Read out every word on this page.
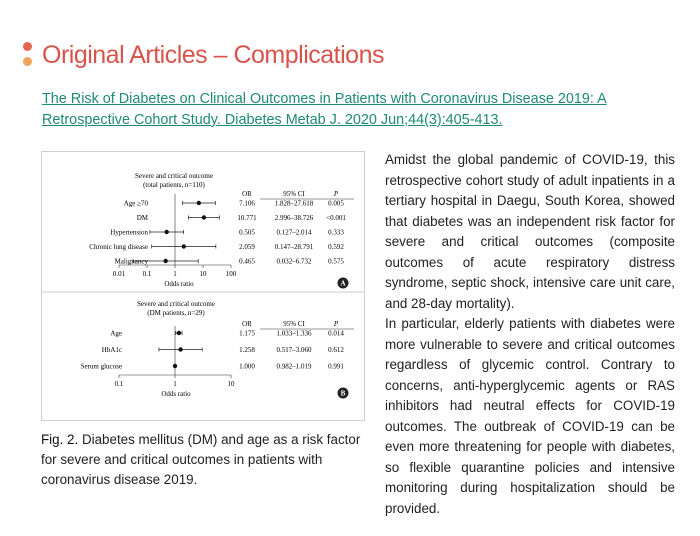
Original Articles – Complications
The Risk of Diabetes on Clinical Outcomes in Patients with Coronavirus Disease 2019: A Retrospective Cohort Study. Diabetes Metab J. 2020 Jun;44(3):405-413.
Severe and critical outcome
(total patients, n=110)
OR	95% CI	P
Odds ratio
0.01	0.1	1	10	100
Age ≥70	7.106	1.828–27.618 0.005
DM	10.771	2.996–38.726 <0.001
Hypertension	0.505	0.127–2.014 0.333
Chronic lung disease	2.059	0.147–28.791 0.592
Malignancy	0.465	0.032–6.732 0.575
A
Severe and critical outcome
(DM patients, n=29)
OR	95% CI	P
Odds ratio
0.1	1	10
Age	1.175	1.033–1.336 0.014
HbA1c	1.258	0.517–3.060 0.612
Serum glucose	1.000	0.982–1.019 0.991
B
Fig. 2. Diabetes mellitus (DM) and age as a risk factor for severe and critical outcomes in patients with coronavirus disease 2019.

Amidst the global pandemic of COVID-19, this retrospective cohort study of adult inpatients in a tertiary hospital in Daegu, South Korea, showed that diabetes was an independent risk factor for severe and critical outcomes (composite outcomes of acute respiratory distress syndrome, septic shock, intensive care unit care, and 28-day mortality).

In particular, elderly patients with diabetes were more vulnerable to severe and critical outcomes regardless of glycemic control. Contrary to concerns, anti-hyperglycemic agents or RAS inhibitors had neutral effects for COVID-19 outcomes. The outbreak of COVID-19 can be even more threatening for people with diabetes, so flexible quarantine policies and intensive monitoring during hospitalization should be provided.
